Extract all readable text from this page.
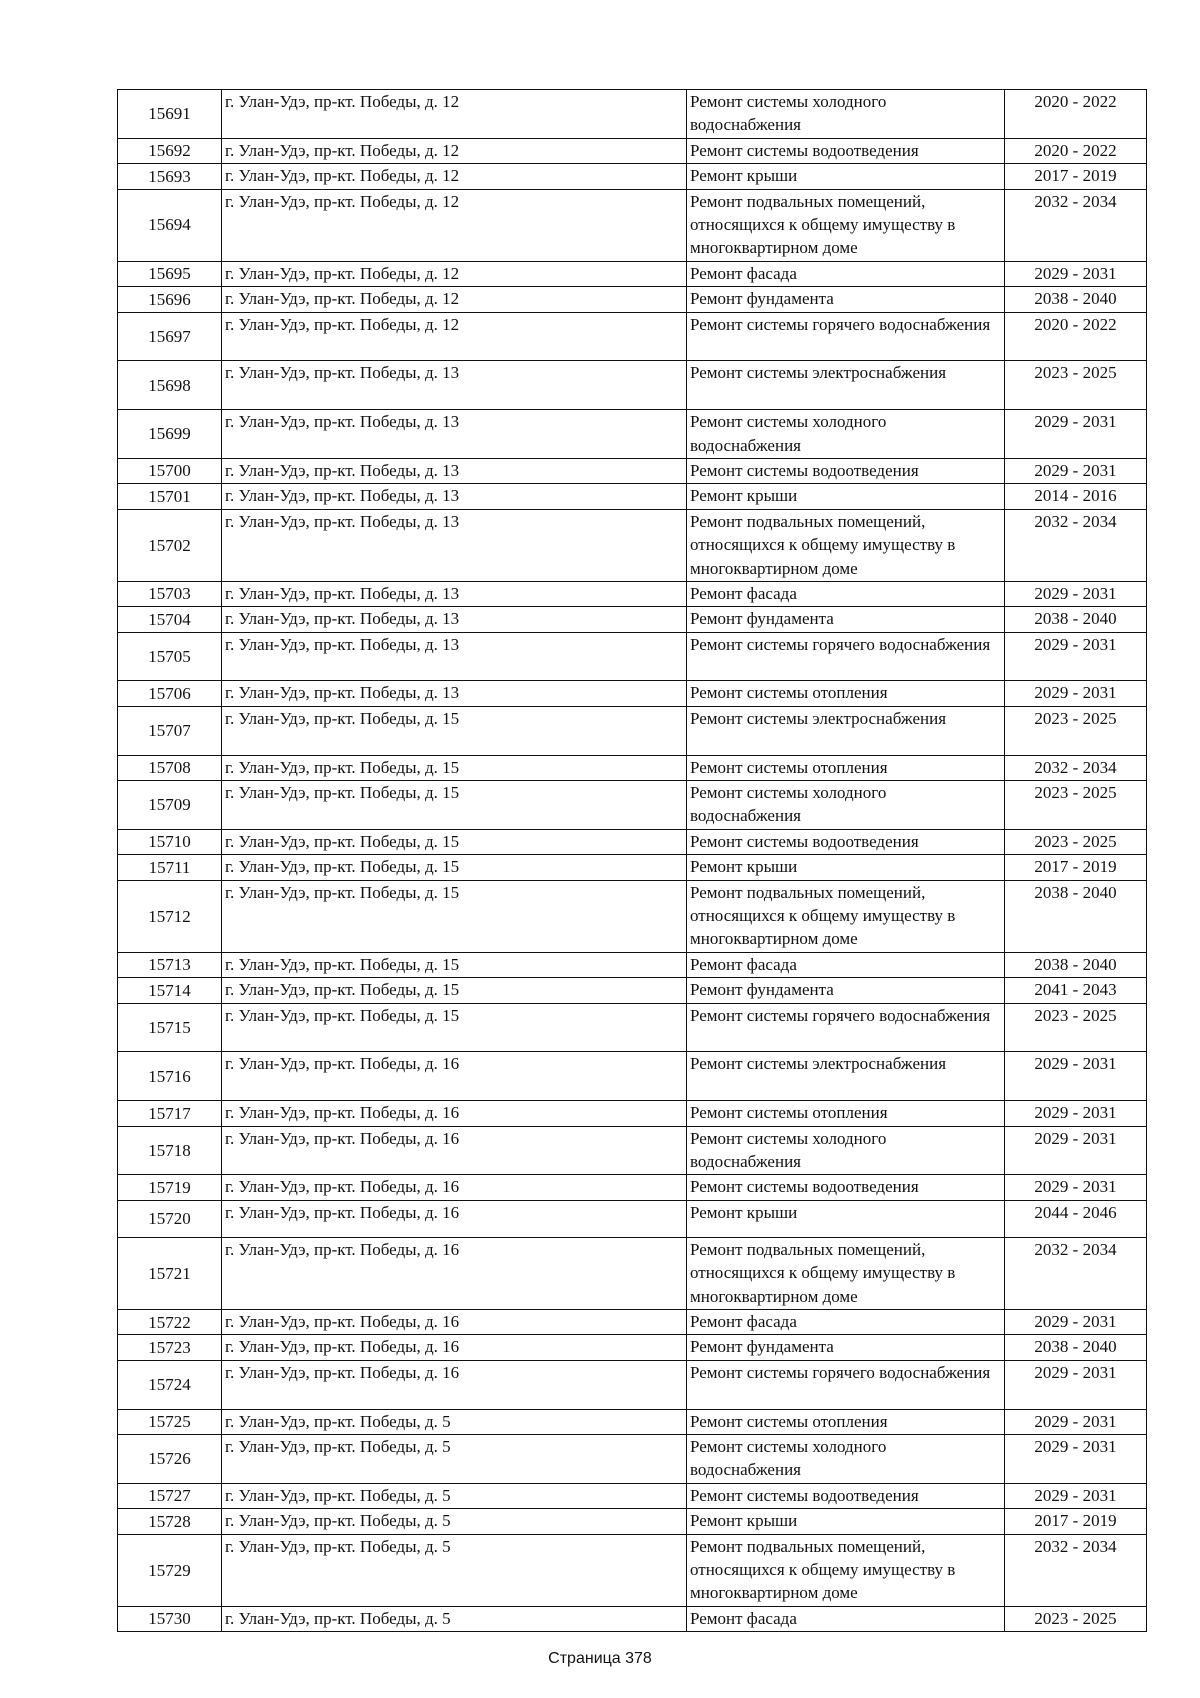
15691	г. Улан-Удэ, пр-кт. Победы, д. 12	Ремонт системы холодного водоснабжения	2020 - 2022
15692	г. Улан-Удэ, пр-кт. Победы, д. 12	Ремонт системы водоотведения	2020 - 2022
15693	г. Улан-Удэ, пр-кт. Победы, д. 12	Ремонт крыши	2017 - 2019
15694	г. Улан-Удэ, пр-кт. Победы, д. 12	Ремонт подвальных помещений, относящихся к общему имуществу в многоквартирном доме	2032 - 2034
15695	г. Улан-Удэ, пр-кт. Победы, д. 12	Ремонт фасада	2029 - 2031
15696	г. Улан-Удэ, пр-кт. Победы, д. 12	Ремонт фундамента	2038 - 2040
15697	г. Улан-Удэ, пр-кт. Победы, д. 12	Ремонт системы горячего водоснабжения	2020 - 2022
15698	г. Улан-Удэ, пр-кт. Победы, д. 13	Ремонт системы электроснабжения	2023 - 2025
15699	г. Улан-Удэ, пр-кт. Победы, д. 13	Ремонт системы холодного водоснабжения	2029 - 2031
15700	г. Улан-Удэ, пр-кт. Победы, д. 13	Ремонт системы водоотведения	2029 - 2031
15701	г. Улан-Удэ, пр-кт. Победы, д. 13	Ремонт крыши	2014 - 2016
15702	г. Улан-Удэ, пр-кт. Победы, д. 13	Ремонт подвальных помещений, относящихся к общему имуществу в многоквартирном доме	2032 - 2034
15703	г. Улан-Удэ, пр-кт. Победы, д. 13	Ремонт фасада	2029 - 2031
15704	г. Улан-Удэ, пр-кт. Победы, д. 13	Ремонт фундамента	2038 - 2040
15705	г. Улан-Удэ, пр-кт. Победы, д. 13	Ремонт системы горячего водоснабжения	2029 - 2031
15706	г. Улан-Удэ, пр-кт. Победы, д. 13	Ремонт системы отопления	2029 - 2031
15707	г. Улан-Удэ, пр-кт. Победы, д. 15	Ремонт системы электроснабжения	2023 - 2025
15708	г. Улан-Удэ, пр-кт. Победы, д. 15	Ремонт системы отопления	2032 - 2034
15709	г. Улан-Удэ, пр-кт. Победы, д. 15	Ремонт системы холодного водоснабжения	2023 - 2025
15710	г. Улан-Удэ, пр-кт. Победы, д. 15	Ремонт системы водоотведения	2023 - 2025
15711	г. Улан-Удэ, пр-кт. Победы, д. 15	Ремонт крыши	2017 - 2019
15712	г. Улан-Удэ, пр-кт. Победы, д. 15	Ремонт подвальных помещений, относящихся к общему имуществу в многоквартирном доме	2038 - 2040
15713	г. Улан-Удэ, пр-кт. Победы, д. 15	Ремонт фасада	2038 - 2040
15714	г. Улан-Удэ, пр-кт. Победы, д. 15	Ремонт фундамента	2041 - 2043
15715	г. Улан-Удэ, пр-кт. Победы, д. 15	Ремонт системы горячего водоснабжения	2023 - 2025
15716	г. Улан-Удэ, пр-кт. Победы, д. 16	Ремонт системы электроснабжения	2029 - 2031
15717	г. Улан-Удэ, пр-кт. Победы, д. 16	Ремонт системы отопления	2029 - 2031
15718	г. Улан-Удэ, пр-кт. Победы, д. 16	Ремонт системы холодного водоснабжения	2029 - 2031
15719	г. Улан-Удэ, пр-кт. Победы, д. 16	Ремонт системы водоотведения	2029 - 2031
15720	г. Улан-Удэ, пр-кт. Победы, д. 16	Ремонт крыши	2044 - 2046
15721	г. Улан-Удэ, пр-кт. Победы, д. 16	Ремонт подвальных помещений, относящихся к общему имуществу в многоквартирном доме	2032 - 2034
15722	г. Улан-Удэ, пр-кт. Победы, д. 16	Ремонт фасада	2029 - 2031
15723	г. Улан-Удэ, пр-кт. Победы, д. 16	Ремонт фундамента	2038 - 2040
15724	г. Улан-Удэ, пр-кт. Победы, д. 16	Ремонт системы горячего водоснабжения	2029 - 2031
15725	г. Улан-Удэ, пр-кт. Победы, д. 5	Ремонт системы отопления	2029 - 2031
15726	г. Улан-Удэ, пр-кт. Победы, д. 5	Ремонт системы холодного водоснабжения	2029 - 2031
15727	г. Улан-Удэ, пр-кт. Победы, д. 5	Ремонт системы водоотведения	2029 - 2031
15728	г. Улан-Удэ, пр-кт. Победы, д. 5	Ремонт крыши	2017 - 2019
15729	г. Улан-Удэ, пр-кт. Победы, д. 5	Ремонт подвальных помещений, относящихся к общему имуществу в многоквартирном доме	2032 - 2034
15730	г. Улан-Удэ, пр-кт. Победы, д. 5	Ремонт фасада	2023 - 2025
Страница 378
